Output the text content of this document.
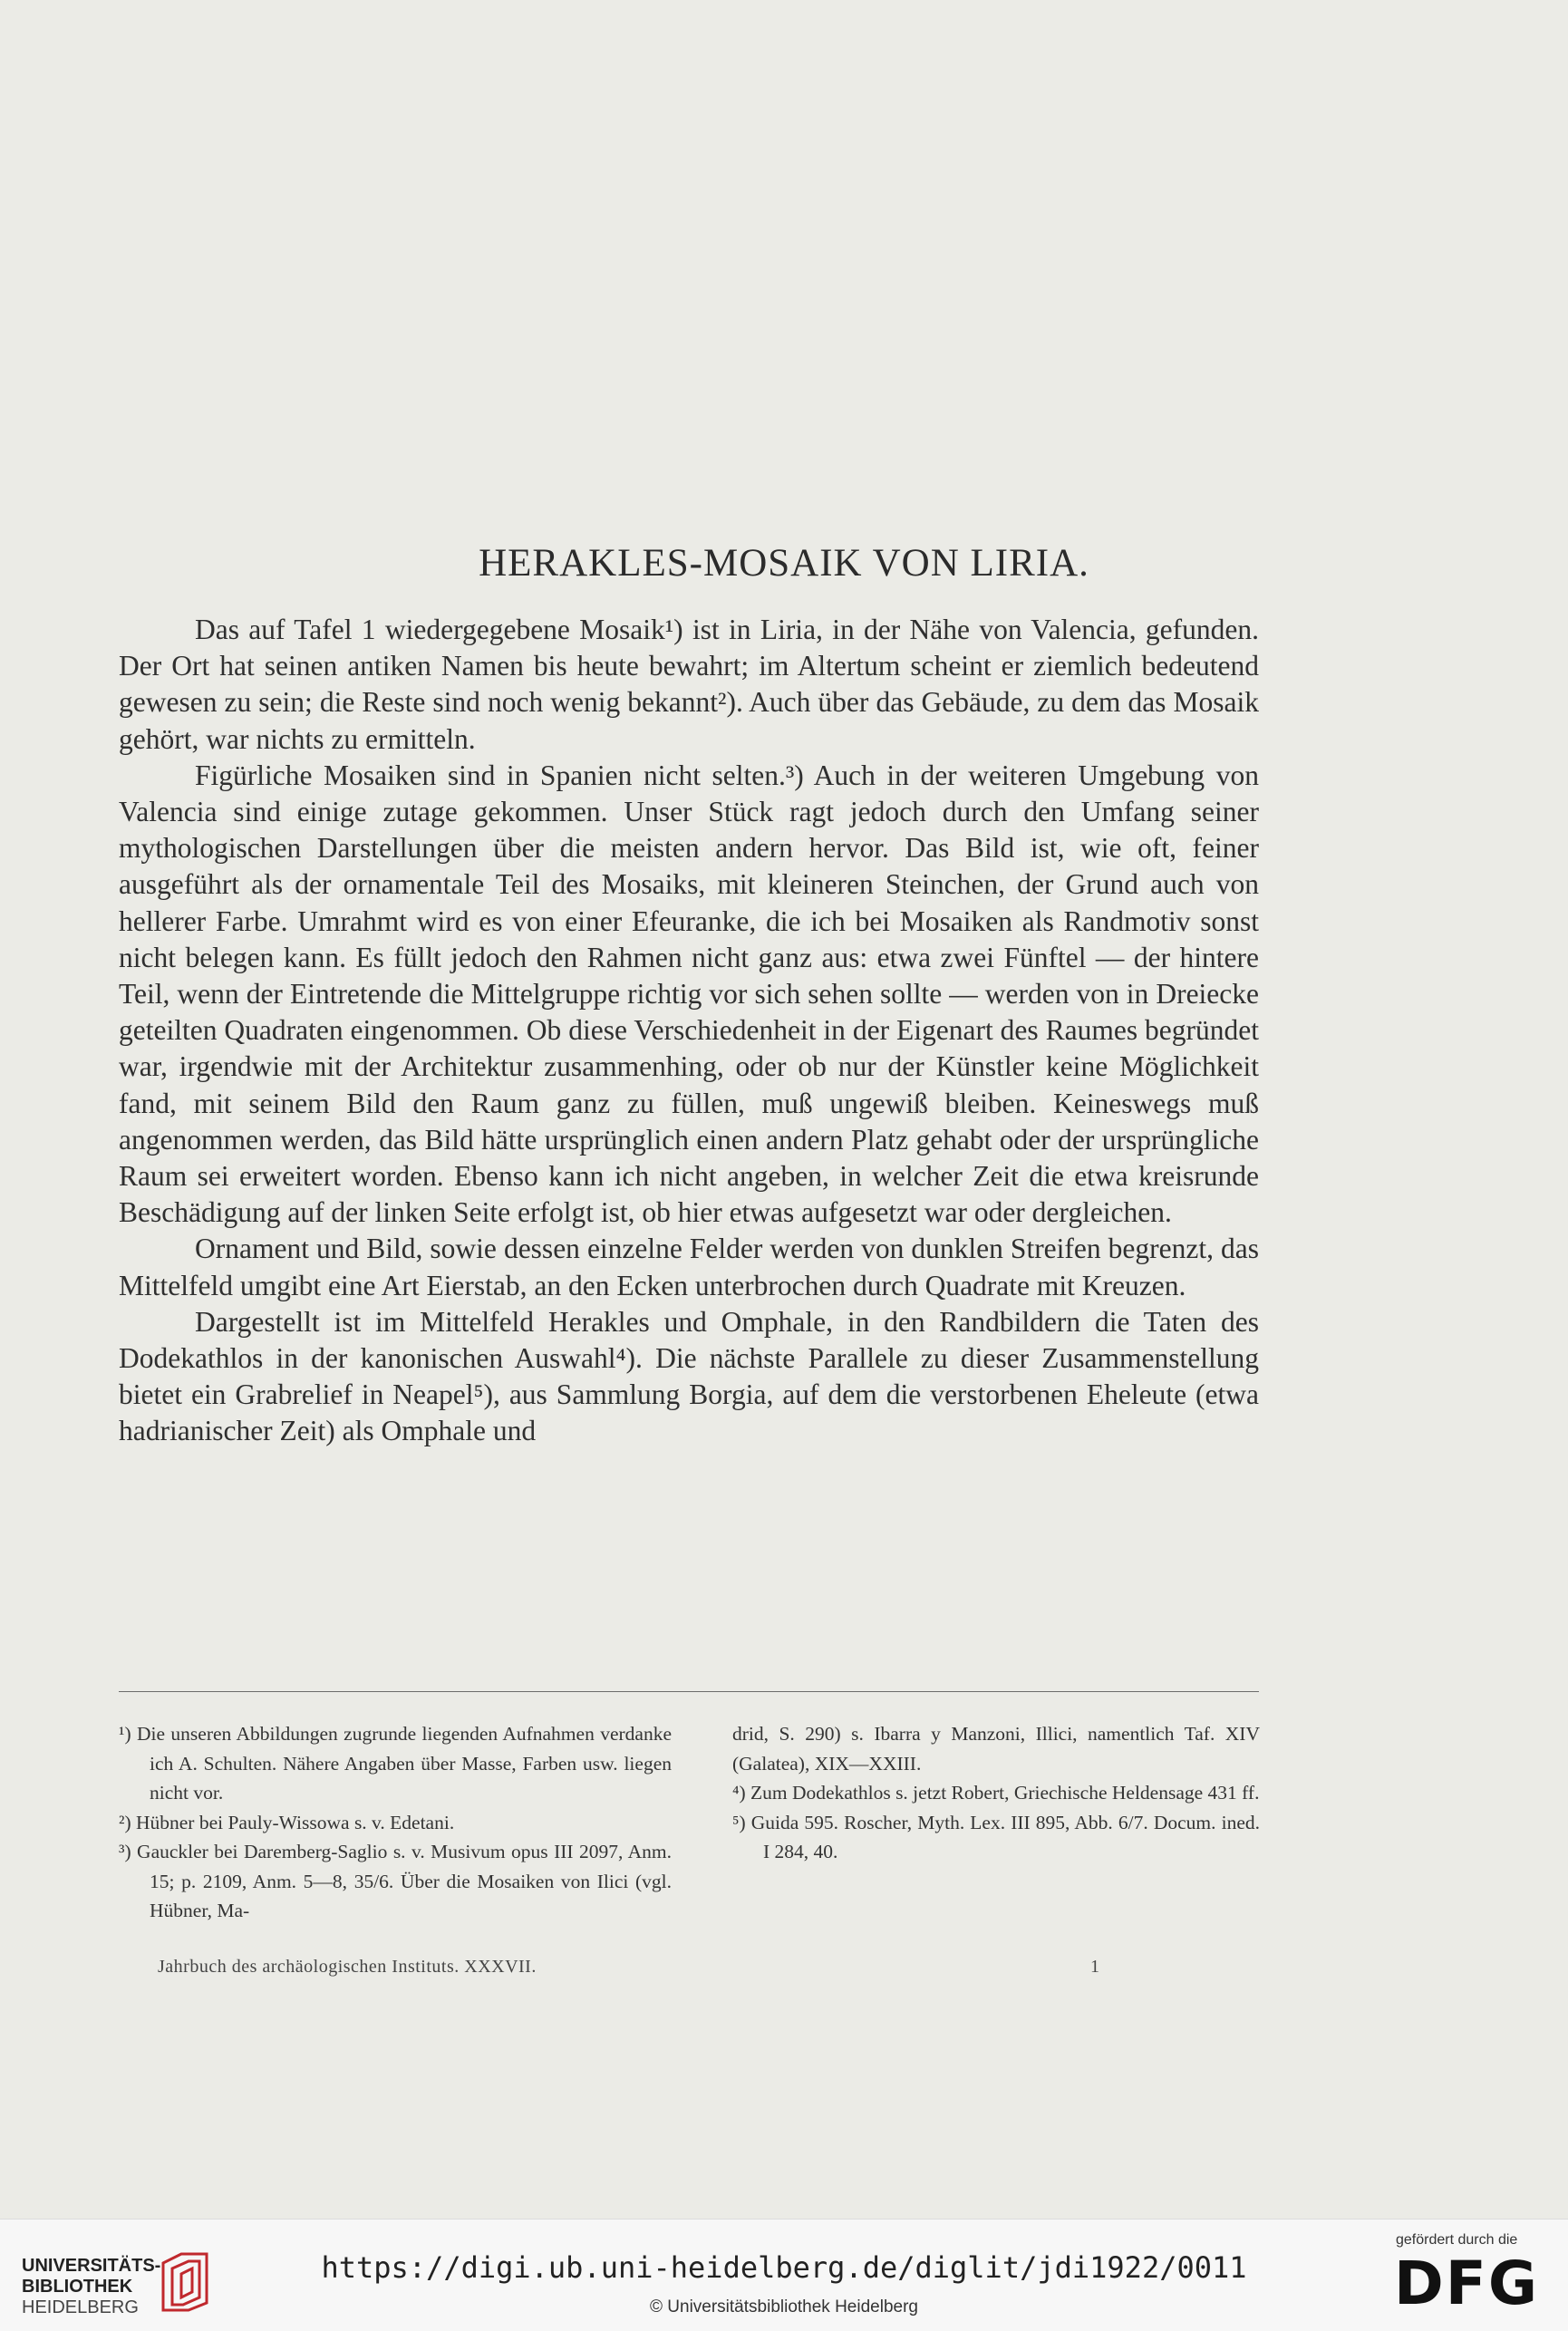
HERAKLES-MOSAIK VON LIRIA.

Das auf Tafel 1 wiedergegebene Mosaik¹) ist in Liria, in der Nähe von Valencia, gefunden. Der Ort hat seinen antiken Namen bis heute bewahrt; im Altertum scheint er ziemlich bedeutend gewesen zu sein; die Reste sind noch wenig bekannt²). Auch über das Gebäude, zu dem das Mosaik gehört, war nichts zu ermitteln.

Figürliche Mosaiken sind in Spanien nicht selten.³) Auch in der weiteren Umgebung von Valencia sind einige zutage gekommen. Unser Stück ragt jedoch durch den Umfang seiner mythologischen Darstellungen über die meisten andern hervor. Das Bild ist, wie oft, feiner ausgeführt als der ornamentale Teil des Mosaiks, mit kleineren Steinchen, der Grund auch von hellerer Farbe. Umrahmt wird es von einer Efeuranke, die ich bei Mosaiken als Randmotiv sonst nicht belegen kann. Es füllt jedoch den Rahmen nicht ganz aus: etwa zwei Fünftel — der hintere Teil, wenn der Eintretende die Mittelgruppe richtig vor sich sehen sollte — werden von in Dreiecke geteilten Quadraten eingenommen. Ob diese Verschiedenheit in der Eigenart des Raumes begründet war, irgendwie mit der Architektur zusammenhing, oder ob nur der Künstler keine Möglichkeit fand, mit seinem Bild den Raum ganz zu füllen, muß ungewiß bleiben. Keineswegs muß angenommen werden, das Bild hätte ursprünglich einen andern Platz gehabt oder der ursprüngliche Raum sei erweitert worden. Ebenso kann ich nicht angeben, in welcher Zeit die etwa kreisrunde Beschädigung auf der linken Seite erfolgt ist, ob hier etwas aufgesetzt war oder dergleichen.

Ornament und Bild, sowie dessen einzelne Felder werden von dunklen Streifen begrenzt, das Mittelfeld umgibt eine Art Eierstab, an den Ecken unterbrochen durch Quadrate mit Kreuzen.

Dargestellt ist im Mittelfeld Herakles und Omphale, in den Randbildern die Taten des Dodekathlos in der kanonischen Auswahl⁴). Die nächste Parallele zu dieser Zusammenstellung bietet ein Grabrelief in Neapel⁵), aus Sammlung Borgia, auf dem die verstorbenen Eheleute (etwa hadrianischer Zeit) als Omphale und

¹) Die unseren Abbildungen zugrunde liegenden Aufnahmen verdanke ich A. Schulten. Nähere Angaben über Masse, Farben usw. liegen nicht vor.
²) Hübner bei Pauly-Wissowa s. v. Edetani.
³) Gauckler bei Daremberg-Saglio s. v. Musivum opus III 2097, Anm. 15; p. 2109, Anm. 5—8, 35/6. Über die Mosaiken von Ilici (vgl. Hübner, Ma-
drid, S. 290) s. Ibarra y Manzoni, Illici, namentlich Taf. XIV (Galatea), XIX—XXIII.
⁴) Zum Dodekathlos s. jetzt Robert, Griechische Heldensage 431 ff.
⁵) Guida 595. Roscher, Myth. Lex. III 895, Abb. 6/7. Docum. ined. I 284, 40.
Jahrbuch des archäologischen Instituts. XXXVII.	1
UNIVERSITÄTS-
BIBLIOTHEK
HEIDELBERG
https://digi.ub.uni-heidelberg.de/diglit/jdi1922/0011
© Universitätsbibliothek Heidelberg
gefördert durch die
DFG
